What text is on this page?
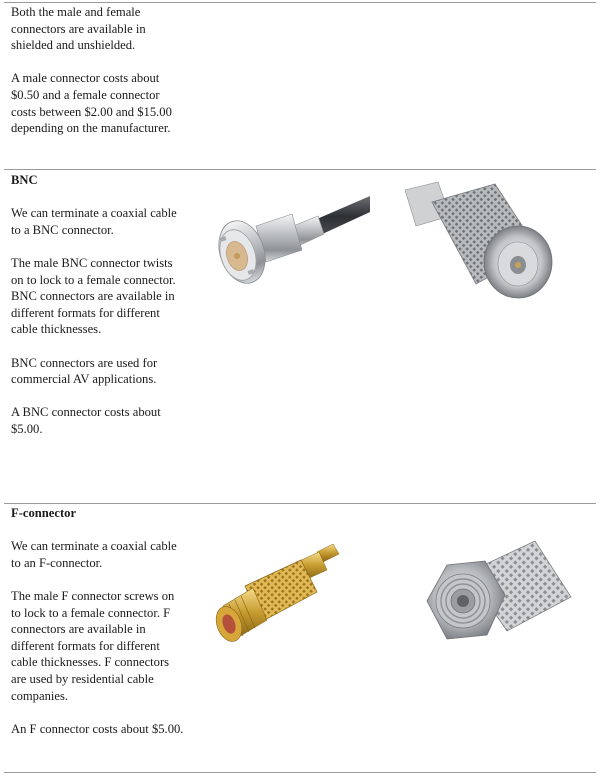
Both the male and female connectors are available in shielded and unshielded.

A male connector costs about $0.50 and a female connector costs between $2.00 and $15.00 depending on the manufacturer.

BNC

We can terminate a coaxial cable to a BNC connector.

The male BNC connector twists on to lock to a female connector. BNC connectors are available in different formats for different cable thicknesses.

BNC connectors are used for commercial AV applications.

A BNC connector costs about $5.00.

F-connector

We can terminate a coaxial cable to an F-connector.

The male F connector screws on to lock to a female connector. F connectors are available in different formats for different cable thicknesses. F connectors are used by residential cable companies.

An F connector costs about $5.00.
